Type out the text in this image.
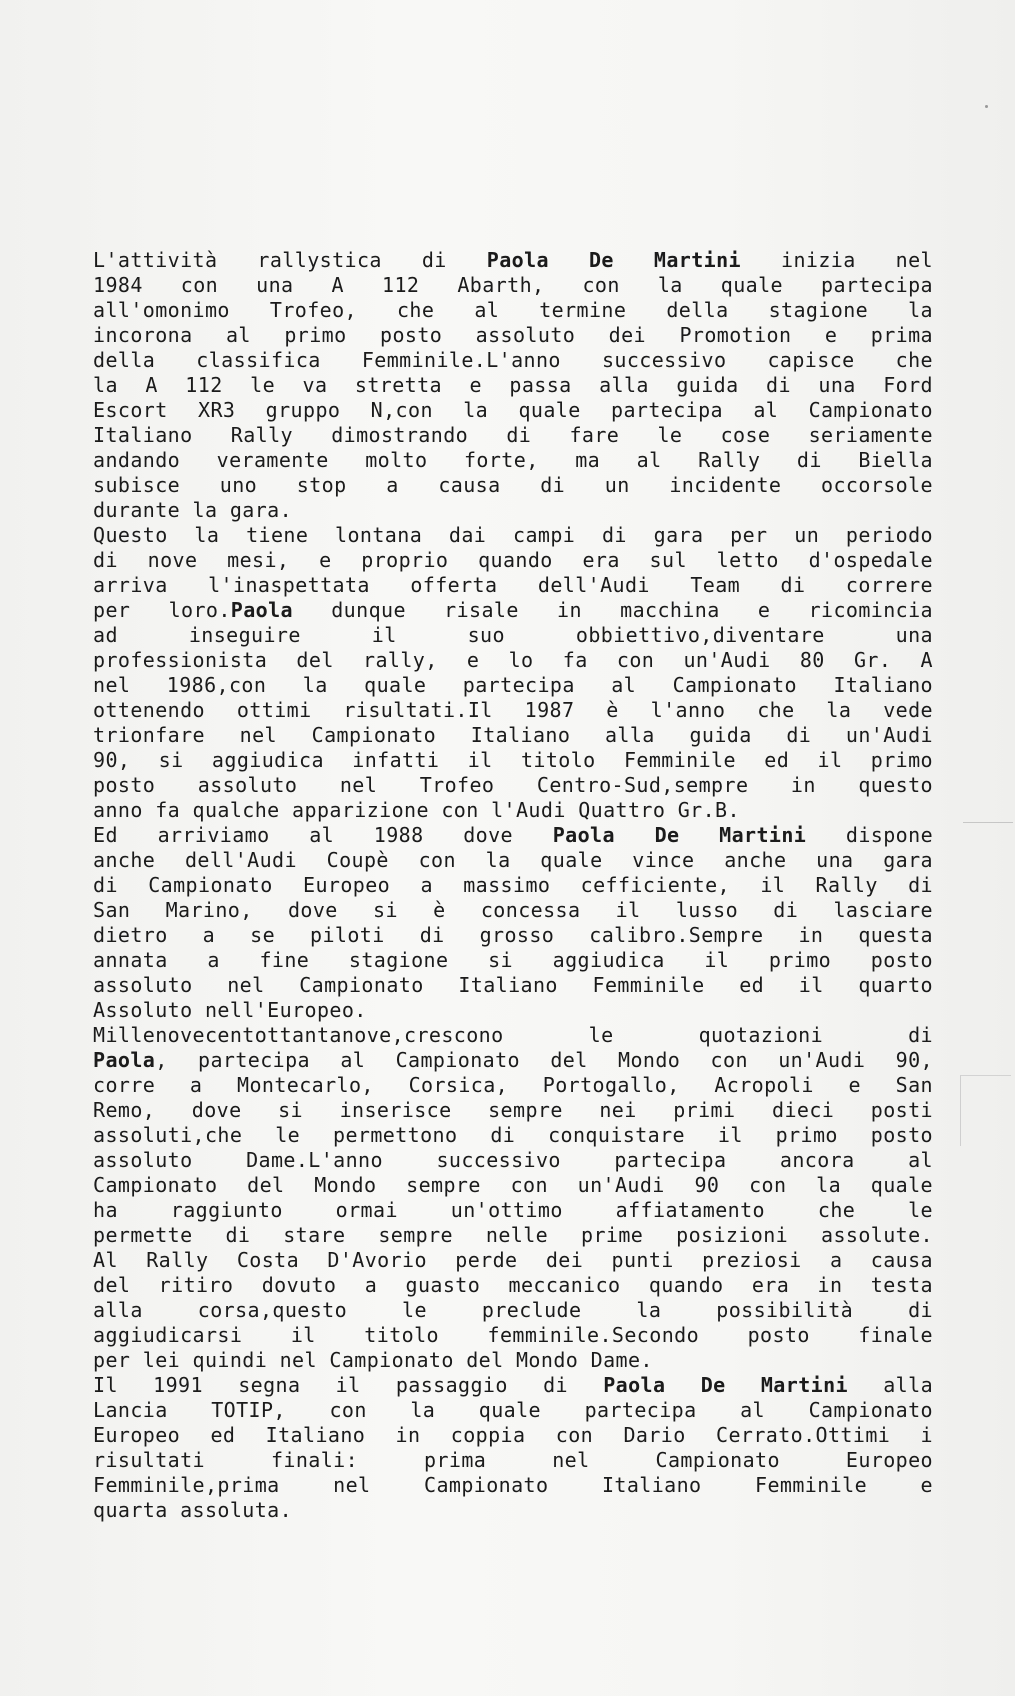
L'attività rallystica di Paola De Martini inizia nel
1984 con una A 112 Abarth, con la quale partecipa
all'omonimo Trofeo, che al termine della stagione la
incorona al primo posto assoluto dei Promotion e prima
della classifica Femminile.L'anno successivo capisce che
la A 112 le va stretta e passa alla guida di una Ford
Escort XR3 gruppo N,con la quale partecipa al Campionato
Italiano Rally dimostrando di fare le cose seriamente
andando veramente molto forte, ma al Rally di Biella
subisce uno stop a causa di un incidente occorsole
durante la gara.
Questo la tiene lontana dai campi di gara per un periodo
di nove mesi, e proprio quando era sul letto d'ospedale
arriva l'inaspettata offerta dell'Audi Team di correre
per loro.Paola dunque risale in macchina e ricomincia
ad inseguire il suo obbiettivo,diventare una
professionista del rally, e lo fa con un'Audi 80 Gr. A
nel 1986,con la quale partecipa al Campionato Italiano
ottenendo ottimi risultati.Il 1987 è l'anno che la vede
trionfare nel Campionato Italiano alla guida di un'Audi
90, si aggiudica infatti il titolo Femminile ed il primo
posto assoluto nel Trofeo Centro-Sud,sempre in questo
anno fa qualche apparizione con l'Audi Quattro Gr.B.
Ed arriviamo al 1988 dove Paola De Martini dispone
anche dell'Audi Coupè con la quale vince anche una gara
di Campionato Europeo a massimo cefficiente, il Rally di
San Marino, dove si è concessa il lusso di lasciare
dietro a se piloti di grosso calibro.Sempre in questa
annata a fine stagione si aggiudica il primo posto
assoluto nel Campionato Italiano Femminile ed il quarto
Assoluto nell'Europeo.
Millenovecentottantanove,crescono le quotazioni di
Paola, partecipa al Campionato del Mondo con un'Audi 90,
corre a Montecarlo, Corsica, Portogallo, Acropoli e San
Remo, dove si inserisce sempre nei primi dieci posti
assoluti,che le permettono di conquistare il primo posto
assoluto Dame.L'anno successivo partecipa ancora al
Campionato del Mondo sempre con un'Audi 90 con la quale
ha raggiunto ormai un'ottimo affiatamento che le
permette di stare sempre nelle prime posizioni assolute.
Al Rally Costa D'Avorio perde dei punti preziosi a causa
del ritiro dovuto a guasto meccanico quando era in testa
alla corsa,questo le preclude la possibilità di
aggiudicarsi il titolo femminile.Secondo posto finale
per lei quindi nel Campionato del Mondo Dame.
Il 1991 segna il passaggio di Paola De Martini alla
Lancia TOTIP, con la quale partecipa al Campionato
Europeo ed Italiano in coppia con Dario Cerrato.Ottimi i
risultati finali: prima nel Campionato Europeo
Femminile,prima nel Campionato Italiano Femminile e
quarta assoluta.
